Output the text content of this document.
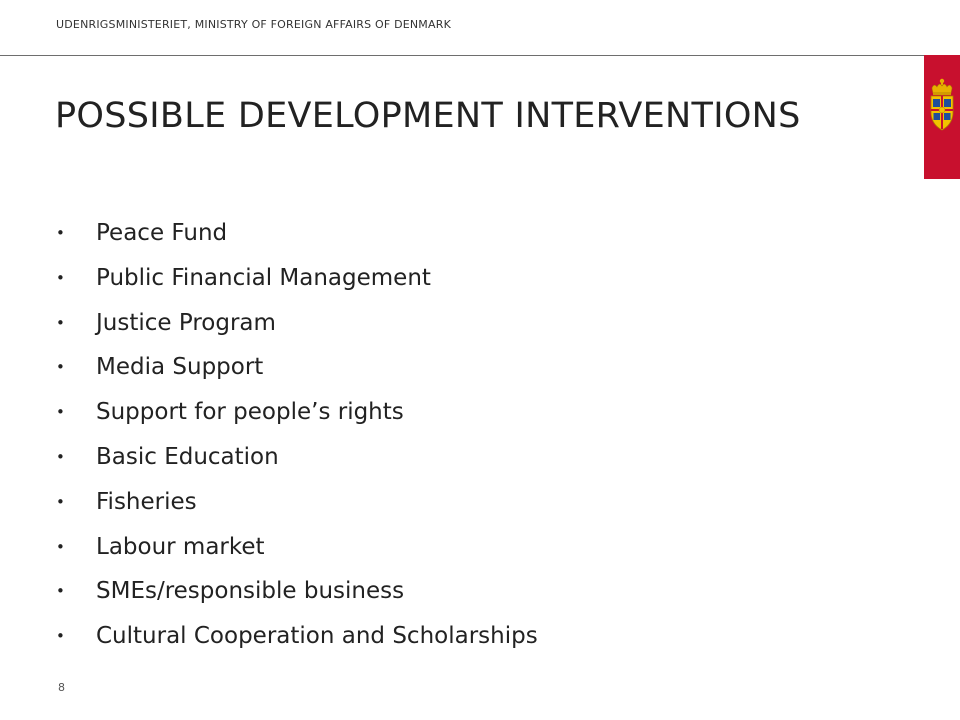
UDENRIGSMINISTERIET, MINISTRY OF FOREIGN AFFAIRS OF DENMARK
POSSIBLE DEVELOPMENT INTERVENTIONS
• Peace Fund
• Public Financial Management
• Justice Program
• Media Support
• Support for people’s rights
• Basic Education
• Fisheries
• Labour market
• SMEs/responsible business
• Cultural Cooperation and Scholarships
8
